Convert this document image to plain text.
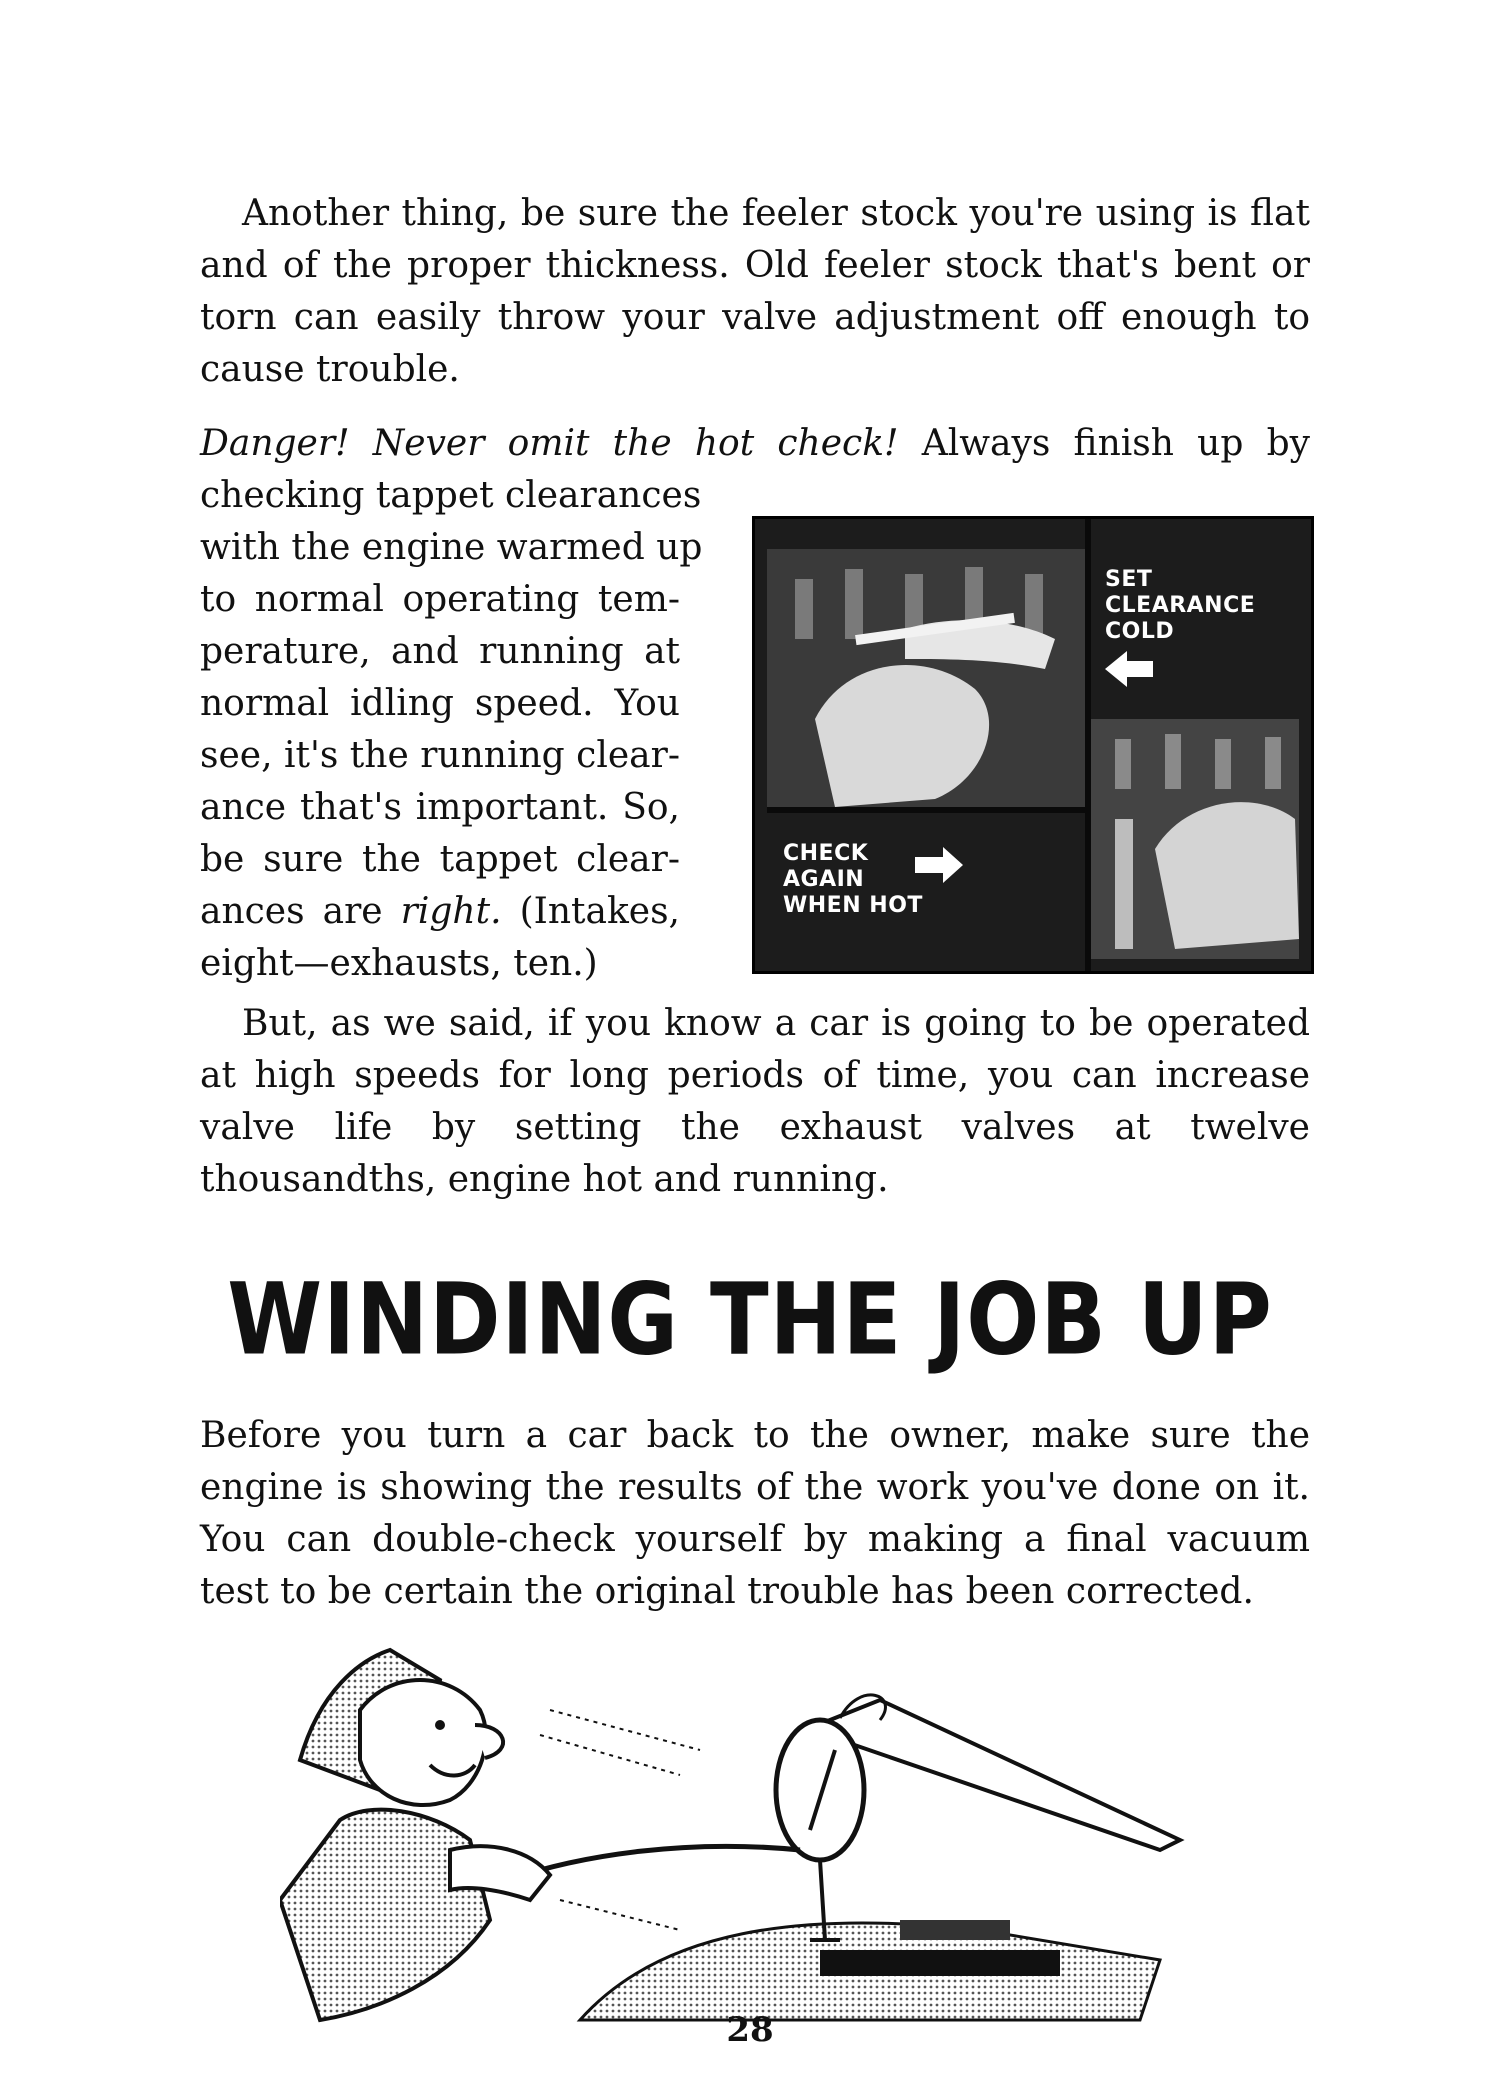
Another thing, be sure the feeler stock you're using is flat and of the proper thickness. Old feeler stock that's bent or torn can easily throw your valve adjustment off enough to cause trouble.

Danger! Never omit the hot check! Always finish up by
checking tappet clearances
with the engine warmed up
to normal operating tem-
perature, and running at
normal idling speed. You
see, it's the running clear-
ance that's important. So,
be sure the tappet clear-
ances are right. (Intakes,
eight—exhausts, ten.)
SET
CLEARANCE
COLD
CHECK
AGAIN
WHEN HOT

But, as we said, if you know a car is going to be operated at high speeds for long periods of time, you can increase valve life by setting the exhaust valves at twelve thousandths, engine hot and running.

WINDING THE JOB UP

Before you turn a car back to the owner, make sure the engine is showing the results of the work you've done on it. You can double-check yourself by making a final vacuum test to be certain the original trouble has been corrected.

28
